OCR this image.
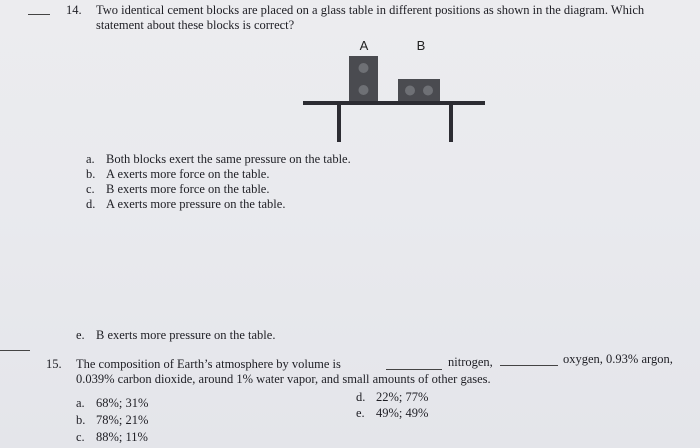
14. Two identical cement blocks are placed on a glass table in different positions as shown in the diagram. Which
statement about these blocks is correct?
A	B
a. Both blocks exert the same pressure on the table.
b. A exerts more force on the table.
c. B exerts more force on the table.
d. A exerts more pressure on the table.
e. B exerts more pressure on the table.
15. The composition of Earth’s atmosphere by volume is	nitrogen,	oxygen, 0.93% argon,
0.039% carbon dioxide, around 1% water vapor, and small amounts of other gases.
a. 68%; 31%
b. 78%; 21%
c. 88%; 11%
d. 22%; 77%
e. 49%; 49%
